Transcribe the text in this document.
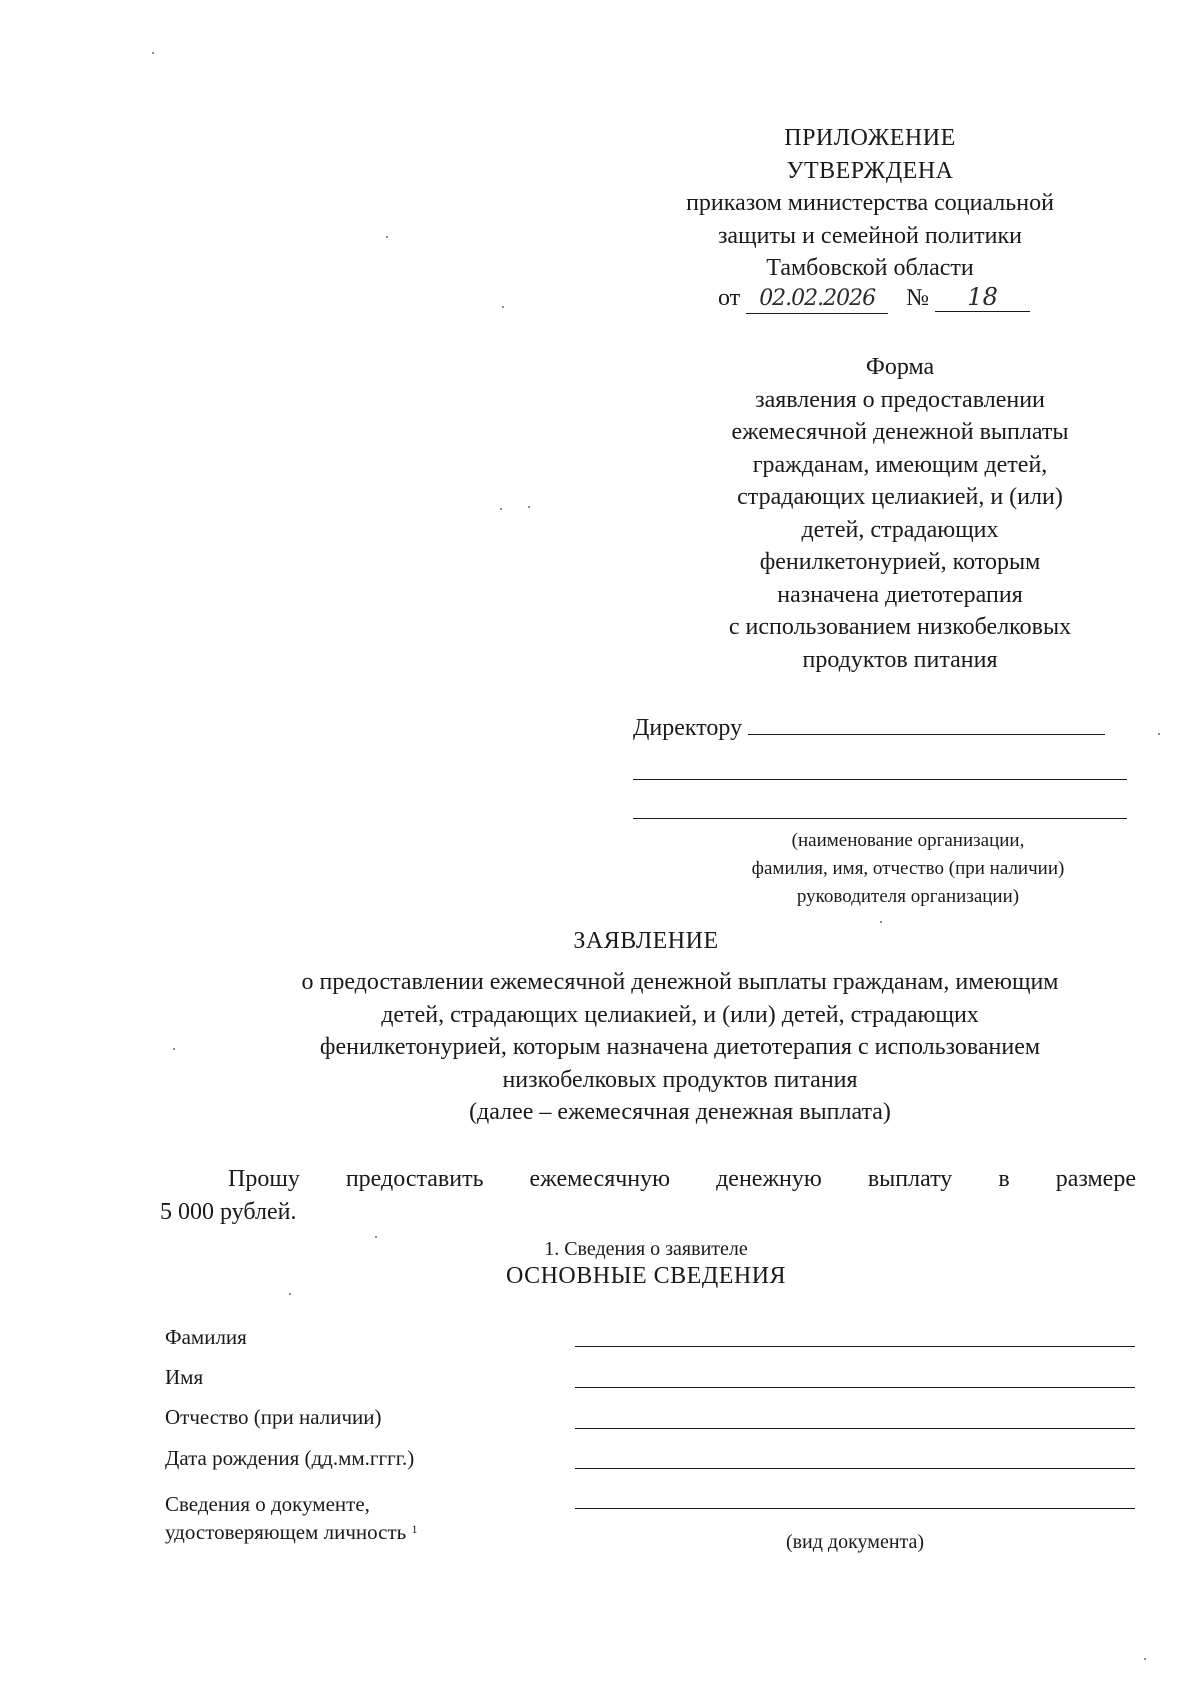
ПРИЛОЖЕНИЕ
УТВЕРЖДЕНА
приказом министерства социальной
защиты и семейной политики
Тамбовской области
от 02.02.2026 № 18
Форма
заявления о предоставлении
ежемесячной денежной выплаты
гражданам, имеющим детей,
страдающих целиакией, и (или)
детей, страдающих
фенилкетонурией, которым
назначена диетотерапия
с использованием низкобелковых
продуктов питания
Директору
(наименование организации,
фамилия, имя, отчество (при наличии)
руководителя организации)
ЗАЯВЛЕНИЕ
о предоставлении ежемесячной денежной выплаты гражданам, имеющим
детей, страдающих целиакией, и (или) детей, страдающих
фенилкетонурией, которым назначена диетотерапия с использованием
низкобелковых продуктов питания
(далее – ежемесячная денежная выплата)
Прошу предоставить ежемесячную денежную выплату в размере
5 000 рублей.
1. Сведения о заявителе
ОСНОВНЫЕ СВЕДЕНИЯ
Фамилия
Имя
Отчество (при наличии)
Дата рождения (дд.мм.гггг.)
Сведения о документе,
удостоверяющем личность $^1$
(вид документа)
